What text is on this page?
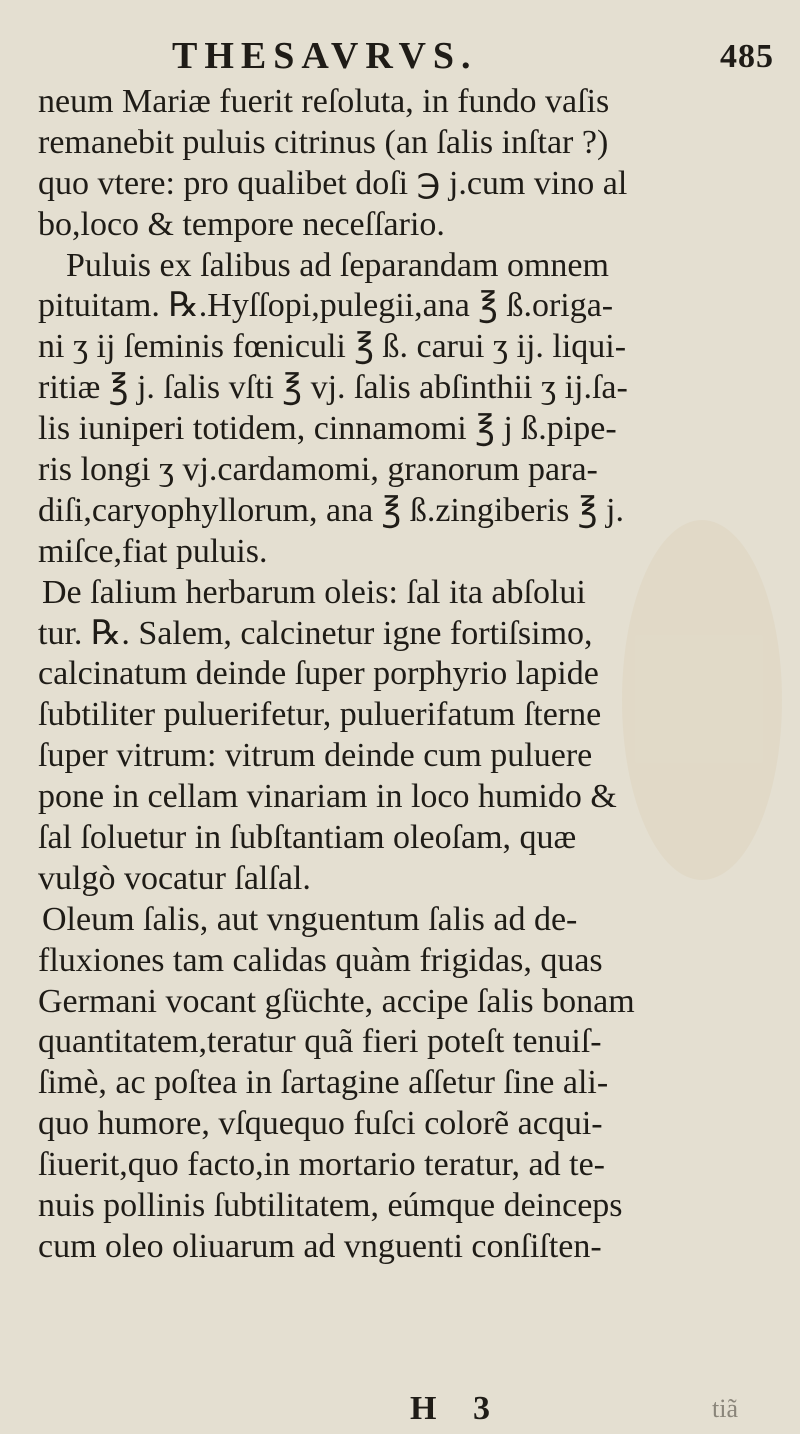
THESAVRVS.	485
neum Mariæ fuerit reſoluta, in fundo vaſis
remanebit puluis citrinus (an ſalis inſtar ?)
quo vtere: pro qualibet doſi ℈ j.cum vino al
bo,loco & tempore neceſſario.
Puluis ex ſalibus ad ſeparandam omnem
pituitam. ℞.Hyſſopi,pulegii,ana ℥ ß.origa-
ni ʒ ij ſeminis fœniculi ℥ ß. carui ʒ ij. liqui-
ritiæ ℥ j. ſalis vſti ℥ vj. ſalis abſinthii ʒ ij.ſa-
lis iuniperi totidem, cinnamomi ℥ j ß.pipe-
ris longi ʒ vj.cardamomi, granorum para-
diſi,caryophyllorum, ana ℥ ß.zingiberis ℥ j.
miſce,fiat puluis.
De ſalium herbarum oleis: ſal ita abſolui
tur. ℞. Salem, calcinetur igne fortiſsimo,
calcinatum deinde ſuper porphyrio lapide
ſubtiliter puluerifetur, puluerifatum ſterne
ſuper vitrum: vitrum deinde cum puluere
pone in cellam vinariam in loco humido &
ſal ſoluetur in ſubſtantiam oleoſam, quæ
vulgò vocatur ſalſal.
Oleum ſalis, aut vnguentum ſalis ad de-
fluxiones tam calidas quàm frigidas, quas
Germani vocant gſüchte, accipe ſalis bonam
quantitatem,teratur quã fieri poteſt tenuiſ-
ſimè, ac poſtea in ſartagine aſſetur ſine ali-
quo humore, vſquequo fuſci colorẽ acqui-
ſiuerit,quo facto,in mortario teratur, ad te-
nuis pollinis ſubtilitatem, eúmque deinceps
cum oleo oliuarum ad vnguenti conſiſten-
H 3	tiã
